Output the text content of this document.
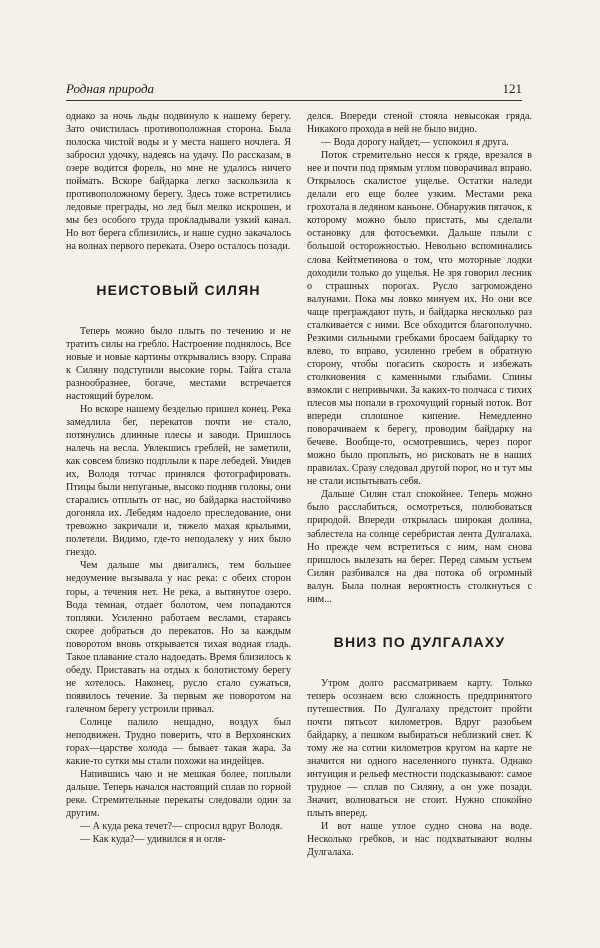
Родная природа	121

однако за ночь льды подвинуло к нашему берегу. Зато очистилась противоположная сторона. Была полоска чистой воды и у места нашего ночлега. Я забросил удочку, надеясь на удачу. По рассказам, в озере водится форель, но мне не удалось ничего поймать. Вскоре байдарка легко заскользила к противоположному берегу. Здесь тоже встретились ледовые преграды, но лед был мелко искрошен, и мы без особого труда прокладывали узкий канал. Но вот берега сблизились, и наше судно закачалось на волнах первого переката. Озеро осталось позади.

НЕИСТОВЫЙ СИЛЯН

Теперь можно было плыть по течению и не тратить силы на гребло. Настроение поднялось. Все новые и новые картины открывались взору. Справа к Силяну подступили высокие горы. Тайга стала разнообразнее, богаче, местами встречается настоящий бурелом.

Но вскоре нашему безделью пришел конец. Река замедлила бег, перекатов почти не стало, потянулись длинные плесы и заводи. Пришлось налечь на весла. Увлекшись греблей, не заметили, как совсем близко подплыли к паре лебедей. Увидев их, Володя тотчас принялся фотографировать. Птицы были непуганые, высоко подняв головы, они старались отплыть от нас, но байдарка настойчиво догоняла их. Лебедям надоело преследование, они тревожно закричали и, тяжело махая крыльями, полетели. Видимо, где-то неподалеку у них было гнездо.

Чем дальше мы двигались, тем большее недоумение вызывала у нас река: с обеих сторон горы, а течения нет. Не река, а вытянутое озеро. Вода темная, отдает болотом, чем попадаются топляки. Усиленно работаем веслами, стараясь скорее добраться до перекатов. Но за каждым поворотом вновь открывается тихая водная гладь. Такое плавание стало надоедать. Время близилось к обеду. Приставать на отдых к болотистому берегу не хотелось. Наконец, русло стало сужаться, появилось течение. За первым же поворотом на галечном берегу устроили привал.

Солнце палило нещадно, воздух был неподвижен. Трудно поверить, что в Верхоянских горах—царстве холода — бывает такая жара. За какие-то сутки мы стали похожи на индейцев.

Напившись чаю и не мешкая более, поплыли дальше. Теперь начался настоящий сплав по горной реке. Стремительные перекаты следовали один за другим.

— А куда река течет?— спросил вдруг Володя.

— Как куда?— удивился я и огля-

делся. Впереди стеной стояла невысокая гряда. Никакого прохода в ней не было видно.

— Вода дорогу найдет,— успокоил я друга.

Поток стремительно несся к гряде, врезался в нее и почти под прямым углом поворачивал вправо. Открылось скалистое ущелье. Остатки наледи делали его еще более узким. Местами река грохотала в ледяном каньоне. Обнаружив пятачок, к которому можно было пристать, мы сделали остановку для фотосъемки. Дальше плыли с большой осторожностью. Невольно вспоминались слова Кейтметинова о том, что моторные лодки доходили только до ущелья. Не зря говорил лесник о страшных порогах. Русло загромождено валунами. Пока мы ловко минуем их. Но они все чаще преграждают путь, и байдарка несколько раз сталкивается с ними. Все обходится благополучно. Резкими сильными гребками бросаем байдарку то влево, то вправо, усиленно гребем в обратную сторону, чтобы погасить скорость и избежать столкновения с каменными глыбами. Спины взмокли с непривычки. За каких-то полчаса с тихих плесов мы попали в грохочущий горный поток. Вот впереди сплошное кипение. Немедленно поворачиваем к берегу, проводим байдарку на бечеве. Вообще-то, осмотревшись, через порог можно было проплыть, но рисковать не в наших правилах. Сразу следовал другой порог, но и тут мы не стали испытывать себя.

Дальше Силян стал спокойнее. Теперь можно было расслабиться, осмотреться, полюбоваться природой. Впереди открылась широкая долина, заблестела на солнце серебристая лента Дулгалаха. Но прежде чем встретиться с ним, нам снова пришлось вылезать на берег. Перед самым устьем Силян разбивался на два потока об огромный валун. Была полная вероятность столкнуться с ним...

ВНИЗ ПО ДУЛГАЛАХУ

Утром долго рассматриваем карту. Только теперь осознаем всю сложность предпринятого путешествия. По Дулгалаху предстоит пройти почти пятьсот километров. Вдруг разобьем байдарку, а пешком выбираться неблизкий свет. К тому же на сотни километров кругом на карте не значится ни одного населенного пункта. Однако интуиция и рельеф местности подсказывают: самое трудное — сплав по Силяну, а он уже позади. Значит, волноваться не стоит. Нужно спокойно плыть вперед.

И вот наше утлое судно снова на воде. Несколько гребков, и нас подхватывают волны Дулгалаха.
